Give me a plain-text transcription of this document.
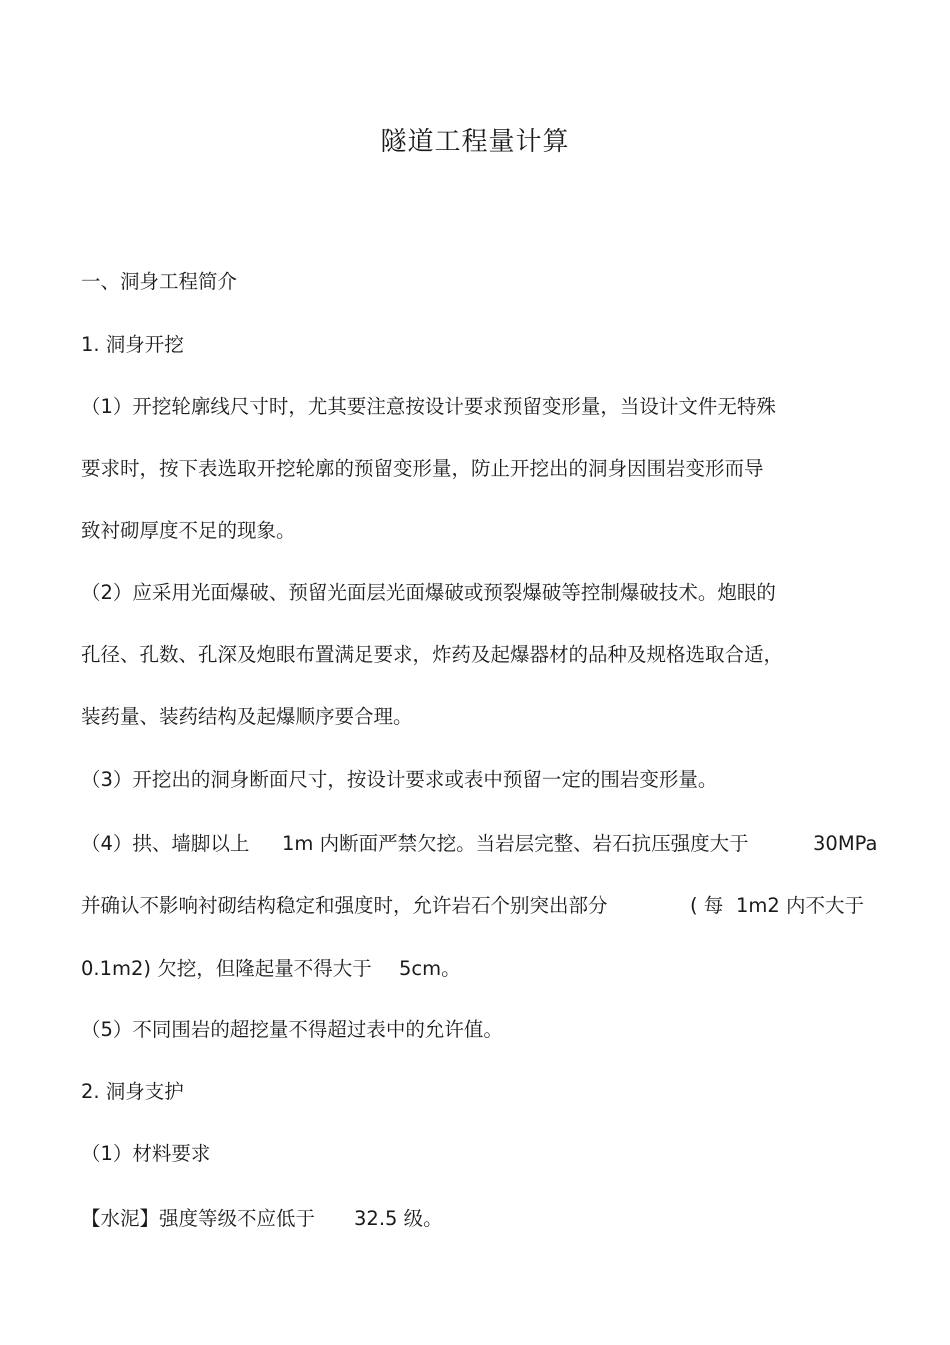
隧道工程量计算
一、洞身工程简介
1. 洞身开挖
（1）开挖轮廓线尺寸时，尤其要注意按设计要求预留变形量，当设计文件无特殊
要求时，按下表选取开挖轮廓的预留变形量，防止开挖出的洞身因围岩变形而导
致衬砌厚度不足的现象。
（2）应采用光面爆破、预留光面层光面爆破或预裂爆破等控制爆破技术。炮眼的
孔径、孔数、孔深及炮眼布置满足要求，炸药及起爆器材的品种及规格选取合适，
装药量、装药结构及起爆顺序要合理。
（3）开挖出的洞身断面尺寸，按设计要求或表中预留一定的围岩变形量。
（4）拱、墙脚以上 1m 内断面严禁欠挖。当岩层完整、岩石抗压强度大于	30MPa
并确认不影响衬砌结构稳定和强度时，允许岩石个别突出部分	( 每 1m2 内不大于
0.1m2) 欠挖，但隆起量不得大于 5cm。
（5）不同围岩的超挖量不得超过表中的允许值。
2. 洞身支护
（1）材料要求
【水泥】强度等级不应低于 32.5 级。
